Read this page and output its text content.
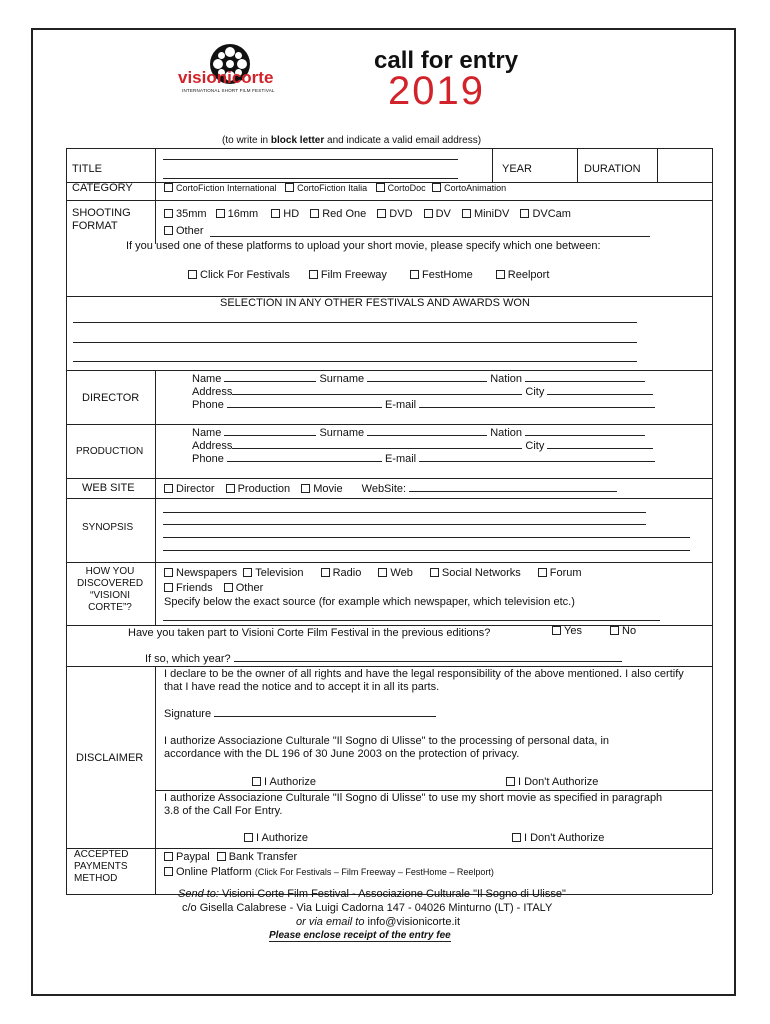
visionicorte
INTERNATIONAL SHORT FILM FESTIVAL
call for entry
2019
(to write in block letter and indicate a valid email address)
TITLE	YEAR	DURATION
CATEGORY	CortoFiction International CortoFiction Italia CortoDoc CortoAnimation
SHOOTING
FORMAT
35mm 16mm HD Red One DVD DV MiniDV DVCam
Other
If you used one of these platforms to upload your short movie, please specify which one between:
Click For Festivals	Film Freeway	FestHome	Reelport
SELECTION IN ANY OTHER FESTIVALS AND AWARDS WON
DIRECTOR
Name	Surname	Nation
Address	City
Phone	E-mail
PRODUCTION
Name	Surname	Nation
Address	City
Phone	E-mail
WEB SITE	Director Production Movie WebSite:
SYNOPSIS
HOW YOU DISCOVERED “VISIONI CORTE”?
Newspapers Television	Radio	Web	Social Networks	Forum
Friends Other
Specify below the exact source (for example which newspaper, which television etc.)
Have you taken part to Visioni Corte Film Festival in the previous editions?	Yes	No
If so, which year?
DISCLAIMER
I declare to be the owner of all rights and have the legal responsibility of the above mentioned. I also certify that I have read the notice and to accept it in all its parts.
Signature
I authorize Associazione Culturale "Il Sogno di Ulisse" to the processing of personal data, in accordance with the DL 196 of 30 June 2003 on the protection of privacy.
I Authorize	I Don't Authorize
I authorize Associazione Culturale "Il Sogno di Ulisse" to use my short movie as specified in paragraph 3.8 of the Call For Entry.
I Authorize	I Don't Authorize
ACCEPTED
PAYMENTS
METHOD
Paypal Bank Transfer
Online Platform (Click For Festivals – Film Freeway – FestHome – Reelport)
Send to: Visioni Corte Film Festival - Associazione Culturale "Il Sogno di Ulisse"
c/o Gisella Calabrese - Via Luigi Cadorna 147 - 04026 Minturno (LT) - ITALY
or via email to info@visionicorte.it
Please enclose receipt of the entry fee
